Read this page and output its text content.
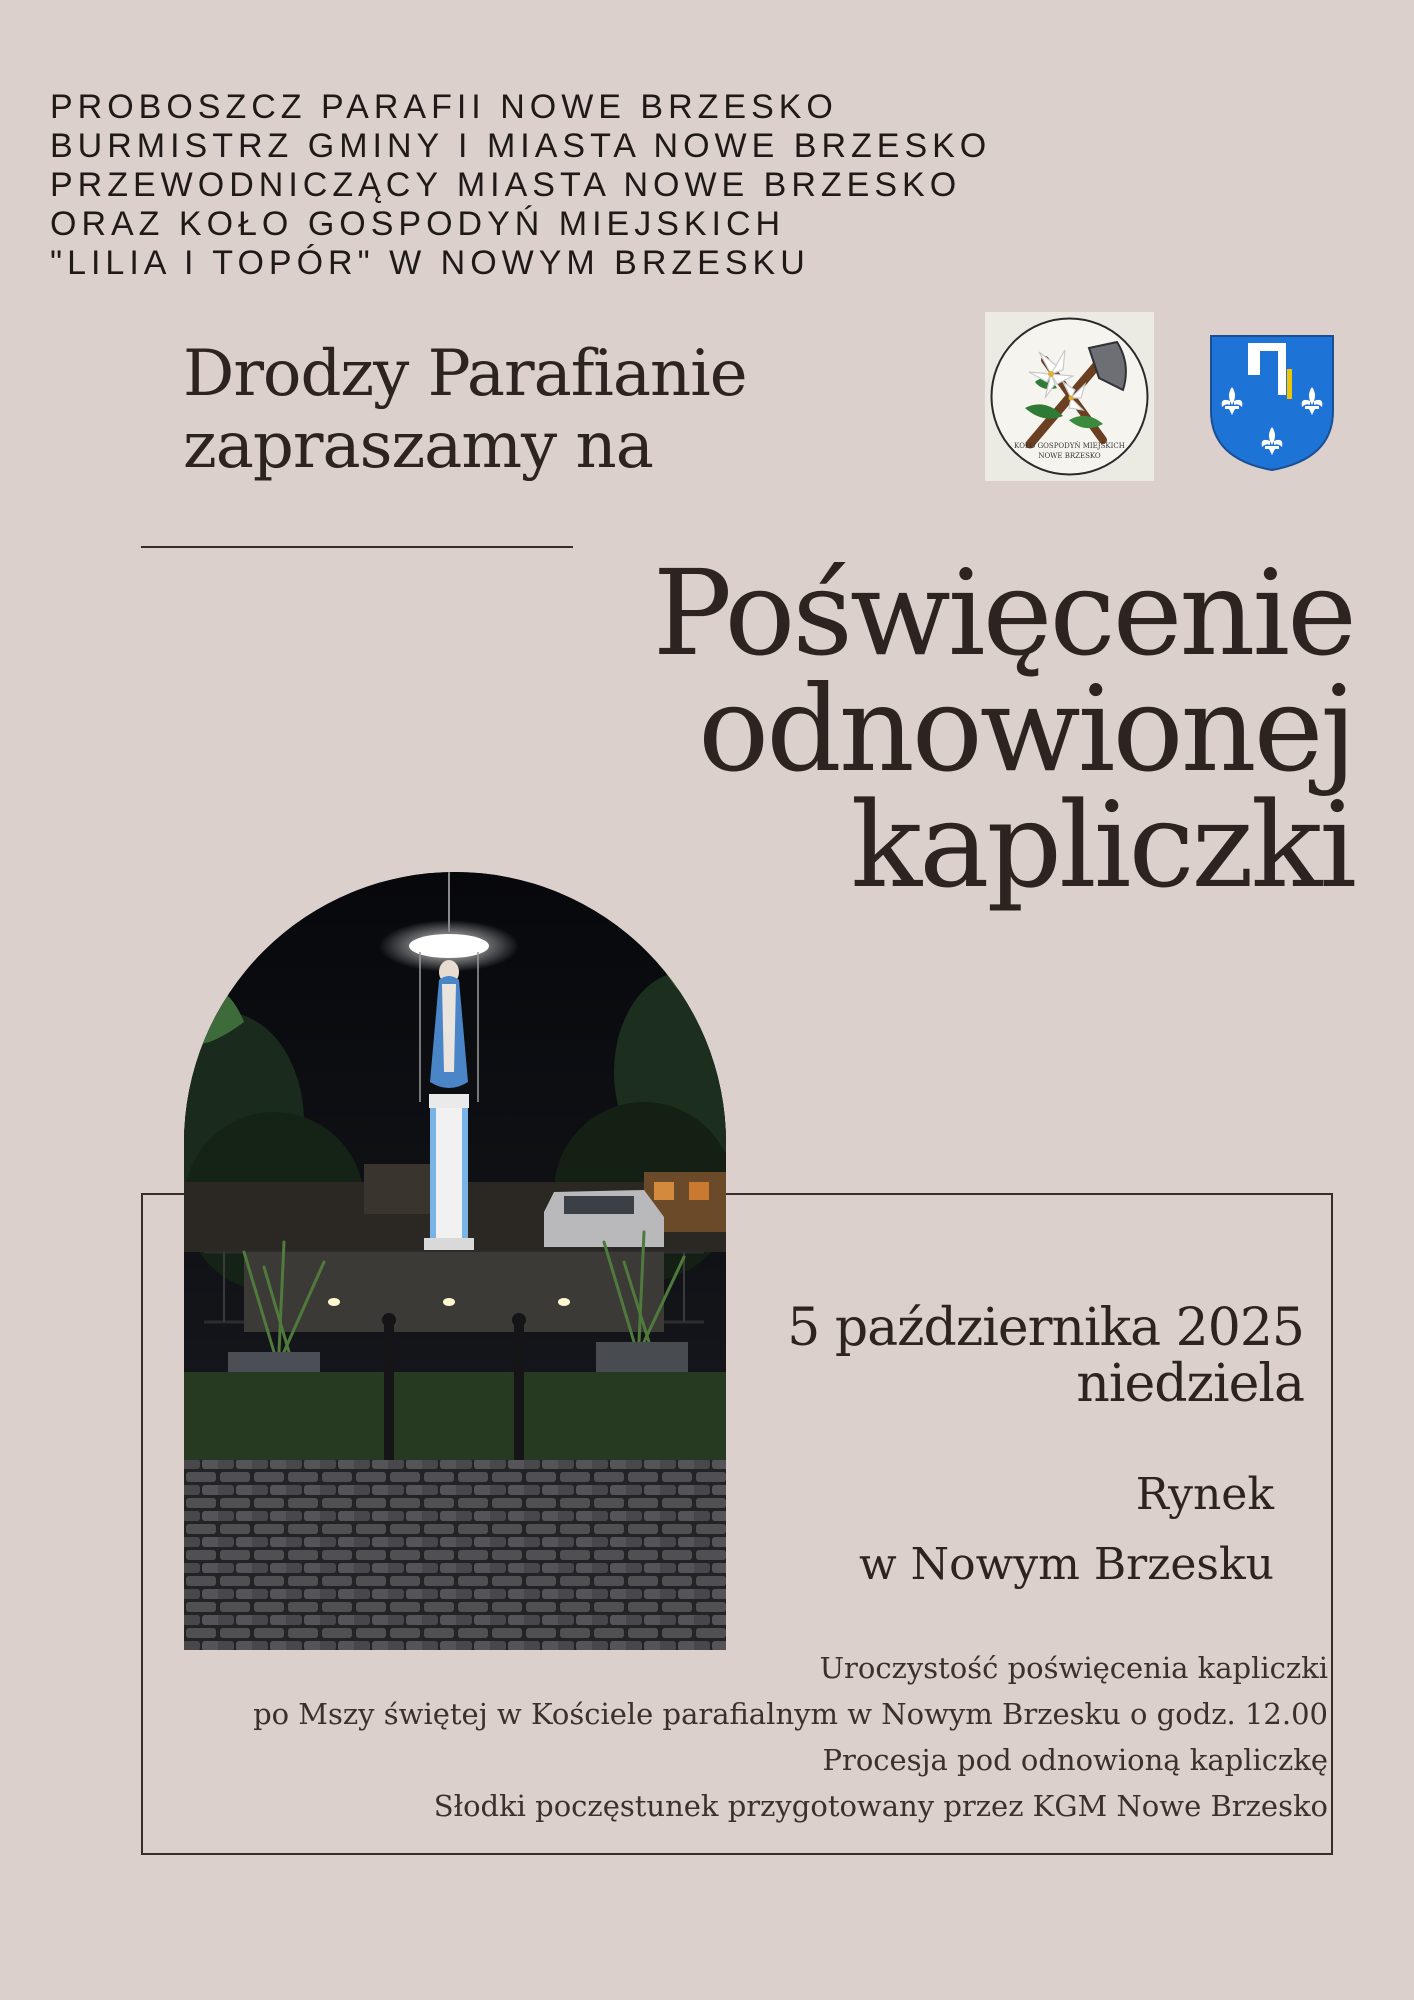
PROBOSZCZ PARAFII NOWE BRZESKO
BURMISTRZ GMINY I MIASTA NOWE BRZESKO
PRZEWODNICZĄCY MIASTA NOWE BRZESKO
ORAZ KOŁO GOSPODYŃ MIEJSKICH
"LILIA I TOPÓR" W NOWYM BRZESKU
Drodzy Parafianie
zapraszamy na	KOŁO GOSPODYŃ MIEJSKICH
NOWE BRZESKO
Poświęcenie
odnowionej
kapliczki
5 października 2025
niedziela
Rynek
w Nowym Brzesku
Uroczystość poświęcenia kapliczki
po Mszy świętej w Kościele parafialnym w Nowym Brzesku o godz. 12.00
Procesja pod odnowioną kapliczkę
Słodki poczęstunek przygotowany przez KGM Nowe Brzesko
